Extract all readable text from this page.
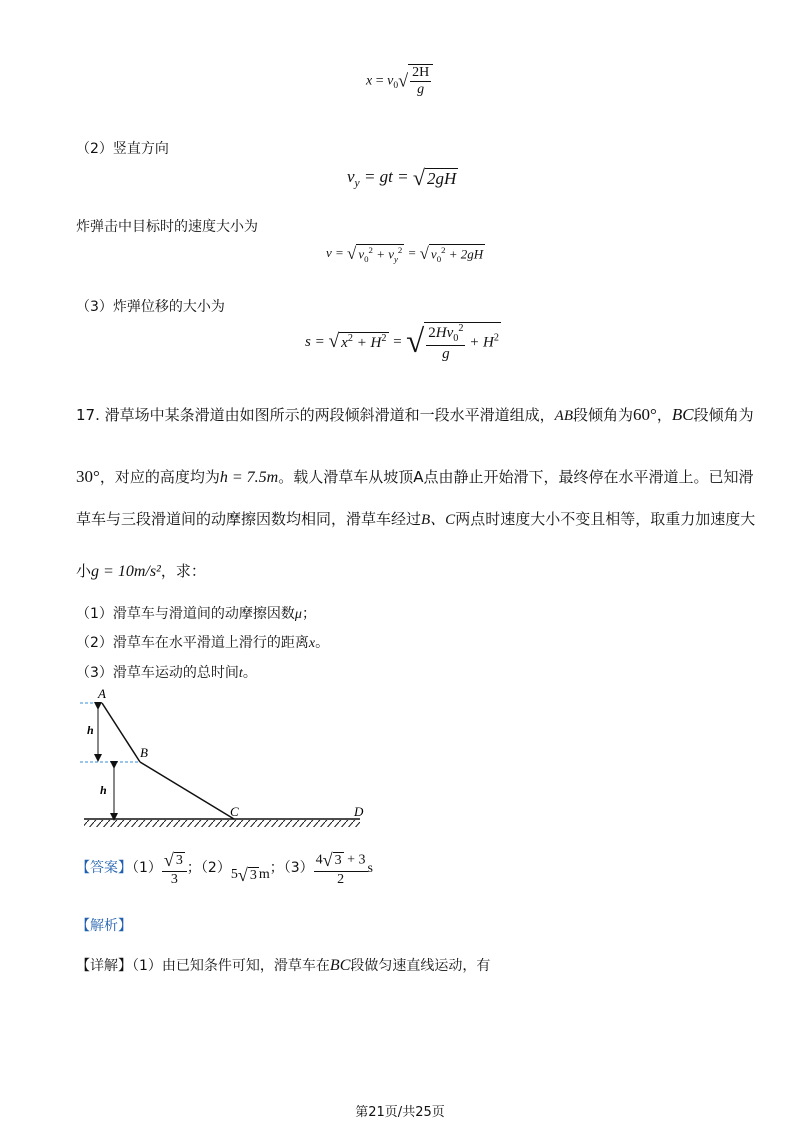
$x = v_0√ \frac{2H}{g}$
（2）竖直方向
$v_y$ = gt = √ 2gH
炸弹击中目标时的速度大小为
v = √ $v_0^2 + v_y^2$ = √ $v_0^2 + 2gH$
（3）炸弹位移的大小为
s = √ $x^2 + H^2$ = √ $\frac{2Hv_0^2}{g} + H^2$
17. 滑草场中某条滑道由如图所示的两段倾斜滑道和一段水平滑道组成，AB段倾角为60°，BC段倾角为
30°，对应的高度均为h = 7.5m。载人滑草车从坡顶A点由静止开始滑下，最终停在水平滑道上。已知滑
草车与三段滑道间的动摩擦因数均相同，滑草车经过B、C两点时速度大小不变且相等，取重力加速度大
小g = 10m/s²，求：
（1）滑草车与滑道间的动摩擦因数μ；
（2）滑草车在水平滑道上滑行的距离x。
（3）滑草车运动的总时间t。
A
B
C	D
h
h
【答案】$(1) \frac{√ 3}{3}$ ；（2）5√ 3 m；$(3) \frac{4√ 3 + 3}{2}$ s
【解析】
【详解】（1）由已知条件可知，滑草车在BC段做匀速直线运动，有
第21页/共25页
